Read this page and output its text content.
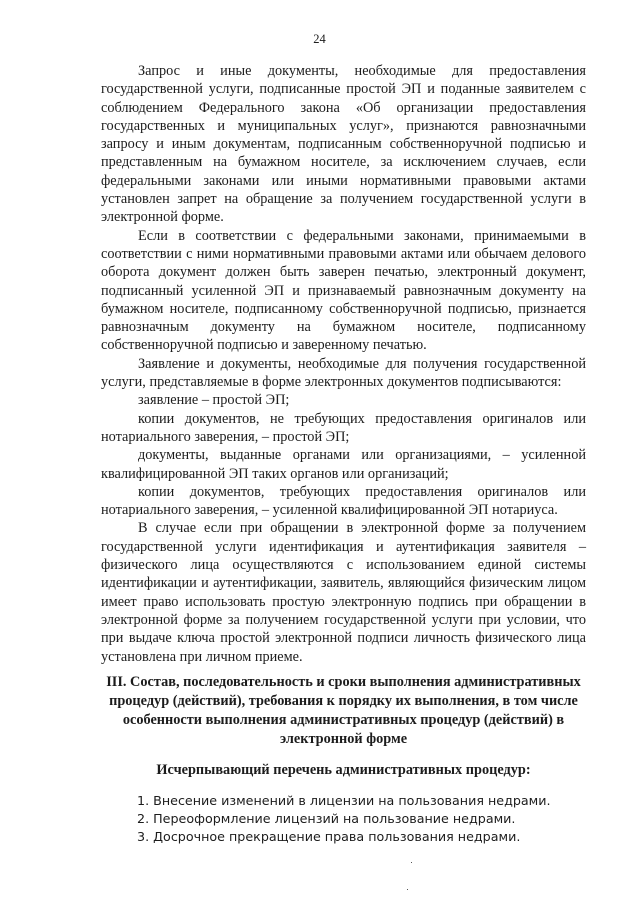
24

Запрос и иные документы, необходимые для предоставления государственной услуги, подписанные простой ЭП и поданные заявителем с соблюдением Федерального закона «Об организации предоставления государственных и муниципальных услуг», признаются равнозначными запросу и иным документам, подписанным собственноручной подписью и представленным на бумажном носителе, за исключением случаев, если федеральными законами или иными нормативными правовыми актами установлен запрет на обращение за получением государственной услуги в электронной форме.

Если в соответствии с федеральными законами, принимаемыми в соответствии с ними нормативными правовыми актами или обычаем делового оборота документ должен быть заверен печатью, электронный документ, подписанный усиленной ЭП и признаваемый равнозначным документу на бумажном носителе, подписанному собственноручной подписью, признается равнозначным документу на бумажном носителе, подписанному собственноручной подписью и заверенному печатью.

Заявление и документы, необходимые для получения государственной услуги, представляемые в форме электронных документов подписываются:

заявление – простой ЭП;

копии документов, не требующих предоставления оригиналов или нотариального заверения, – простой ЭП;

документы, выданные органами или организациями, – усиленной квалифицированной ЭП таких органов или организаций;

копии документов, требующих предоставления оригиналов или нотариального заверения, – усиленной квалифицированной ЭП нотариуса.

В случае если при обращении в электронной форме за получением государственной услуги идентификация и аутентификация заявителя – физического лица осуществляются с использованием единой системы идентификации и аутентификации, заявитель, являющийся физическим лицом имеет право использовать простую электронную подпись при обращении в электронной форме за получением государственной услуги при условии, что при выдаче ключа простой электронной подписи личность физического лица установлена при личном приеме.

III. Состав, последовательность и сроки выполнения административных процедур (действий), требования к порядку их выполнения, в том числе особенности выполнения административных процедур (действий) в электронной форме
Исчерпывающий перечень административных процедур:
1. Внесение изменений в лицензии на пользования недрами.
2. Переоформление лицензий на пользование недрами.
3. Досрочное прекращение права пользования недрами.
